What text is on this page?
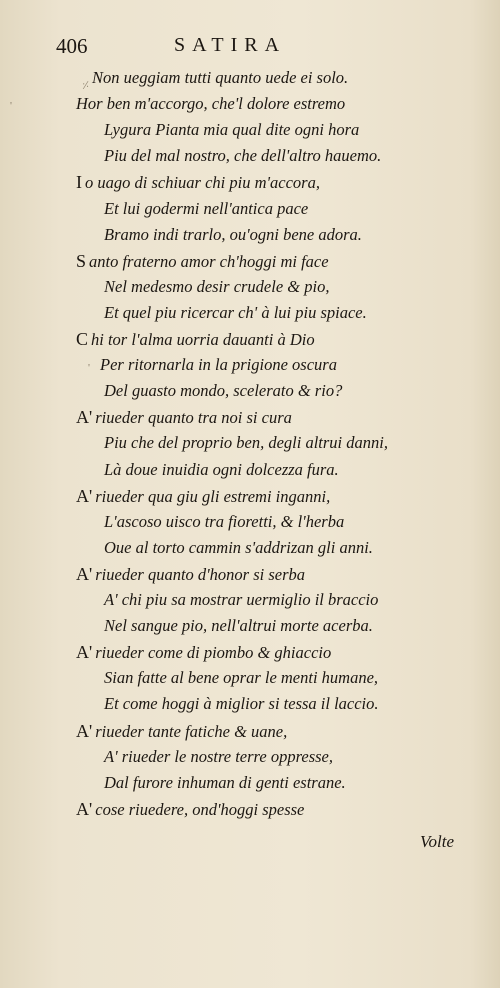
406	SATIRA
⸓
'
'
Non ueggiam tutti quanto uede ei solo.
Hor ben m'accorgo, che'l dolore estremo
Lygura Pianta mia qual dite ogni hora
Piu del mal nostro, che dell'altro hauemo.
I o uago di schiuar chi piu m'accora,
Et lui godermi nell'antica pace
Bramo indi trarlo, ou'ogni bene adora.
S anto fraterno amor ch'hoggi mi face
Nel medesmo desir crudele & pio,
Et quel piu ricercar ch' à lui piu spiace.
C hi tor l'alma uorria dauanti à Dio
Per ritornarla in la prigione oscura
Del guasto mondo, scelerato & rio?
A' riueder quanto tra noi si cura
Piu che del proprio ben, degli altrui danni,
Là doue inuidia ogni dolcezza fura.
A' riueder qua giu gli estremi inganni,
L'ascoso uisco tra fioretti, & l'herba
Oue al torto cammin s'addrizan gli anni.
A' riueder quanto d'honor si serba
A' chi piu sa mostrar uermiglio il braccio
Nel sangue pio, nell'altrui morte acerba.
A' riueder come di piombo & ghiaccio
Sian fatte al bene oprar le menti humane,
Et come hoggi à miglior si tessa il laccio.
A' riueder tante fatiche & uane,
A' riueder le nostre terre oppresse,
Dal furore inhuman di genti estrane.
A' cose riuedere, ond'hoggi spesse
Volte
